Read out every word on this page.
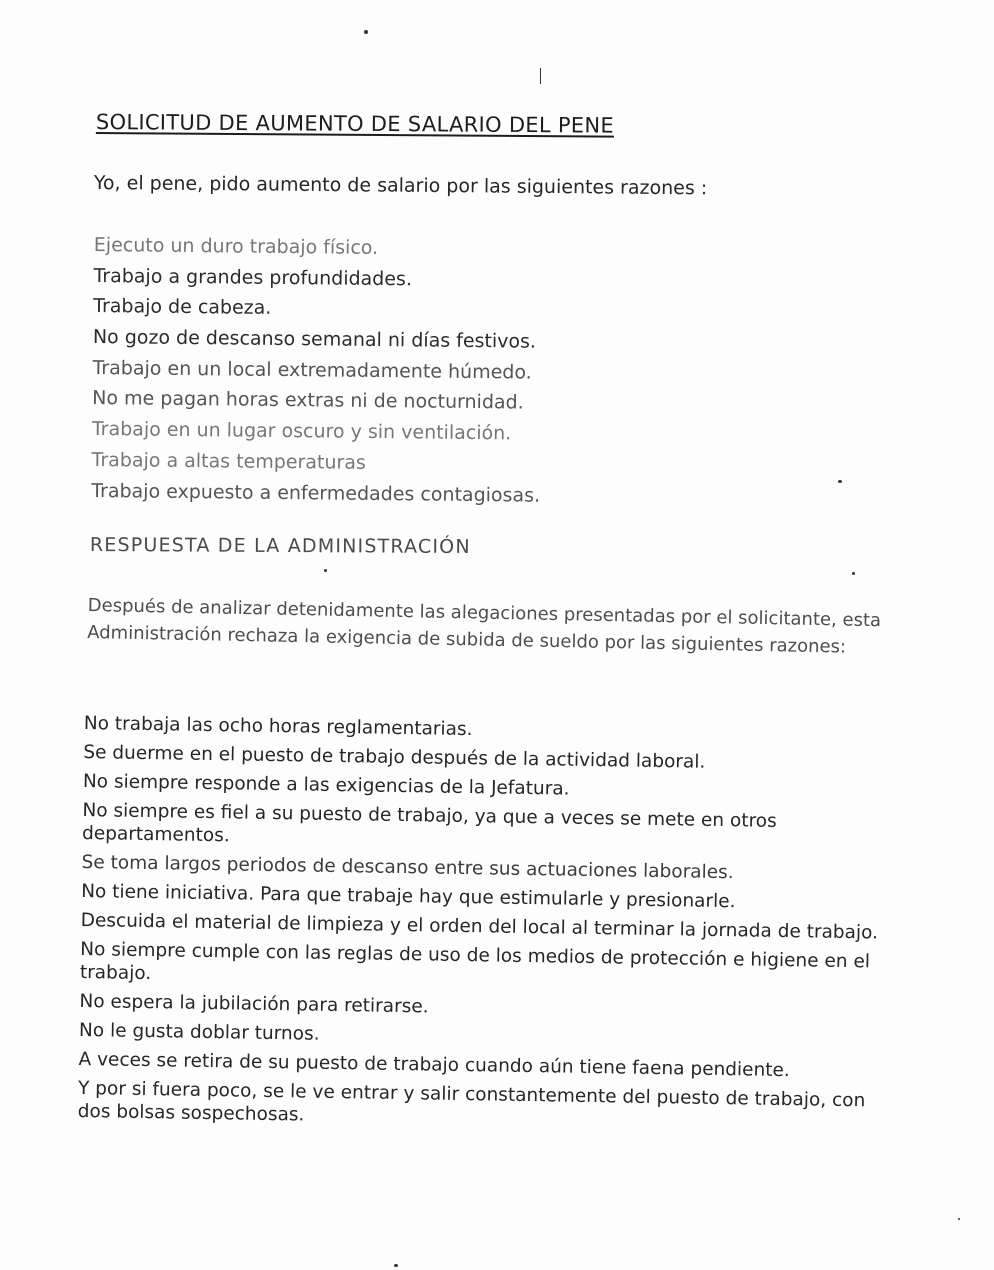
SOLICITUD DE AUMENTO DE SALARIO DEL PENE
Yo, el pene, pido aumento de salario por las siguientes razones :
Ejecuto un duro trabajo físico.
Trabajo a grandes profundidades.
Trabajo de cabeza.
No gozo de descanso semanal ni días festivos.
Trabajo en un local extremadamente húmedo.
No me pagan horas extras ni de nocturnidad.
Trabajo en un lugar oscuro y sin ventilación.
Trabajo a altas temperaturas
Trabajo expuesto a enfermedades contagiosas.
RESPUESTA DE LA ADMINISTRACIÓN

Después de analizar detenidamente las alegaciones presentadas por el solicitante, esta Administración rechaza la exigencia de subida de sueldo por las siguientes razones:

No trabaja las ocho horas reglamentarias.
Se duerme en el puesto de trabajo después de la actividad laboral.
No siempre responde a las exigencias de la Jefatura.
No siempre es fiel a su puesto de trabajo, ya que a veces se mete en otros departamentos.
Se toma largos periodos de descanso entre sus actuaciones laborales.
No tiene iniciativa. Para que trabaje hay que estimularle y presionarle.
Descuida el material de limpieza y el orden del local al terminar la jornada de trabajo.
No siempre cumple con las reglas de uso de los medios de protección e higiene en el trabajo.
No espera la jubilación para retirarse.
No le gusta doblar turnos.
A veces se retira de su puesto de trabajo cuando aún tiene faena pendiente.
Y por si fuera poco, se le ve entrar y salir constantemente del puesto de trabajo, con dos bolsas sospechosas.
